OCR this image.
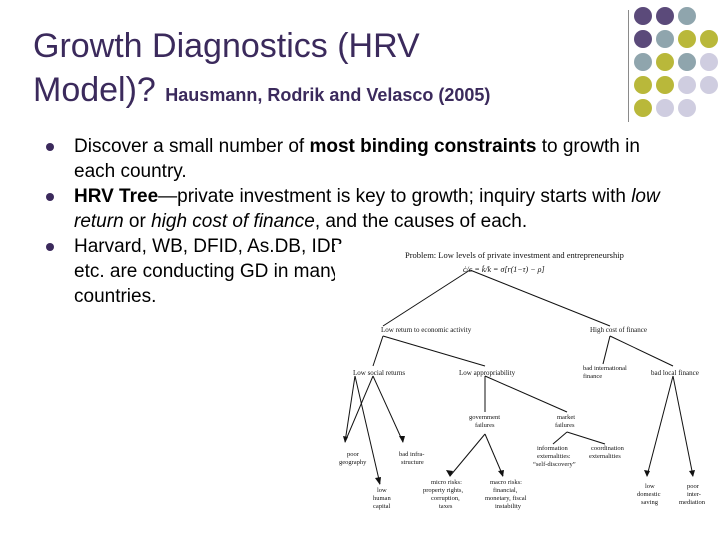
Growth Diagnostics (HRV
Model)? Hausmann, Rodrik and Velasco (2005)
Discover a small number of most binding constraints to growth in each country.
HRV Tree—private investment is key to growth; inquiry starts with low return or high cost of finance, and the causes of each.
Harvard, WB, DFID, As.DB, IDB etc. are conducting GD in many countries.
Problem: Low levels of private investment and entrepreneurship
ċ/c = k̇/k = σ[r(1−τ) − ρ]
Low return to economic activity	High cost of finance
Low social returns	Low appropriability
bad international
finance	bad local finance
government
failures
market
failures
poor
geography
bad infra-
structure
information
externalities:
“self-discovery”
coordination
externalities
micro risks:
property rights,
corruption,
taxes
macro risks:
financial,
monetary, fiscal
instability
low
human
capital
low
domestic
saving
poor
inter-
mediation
